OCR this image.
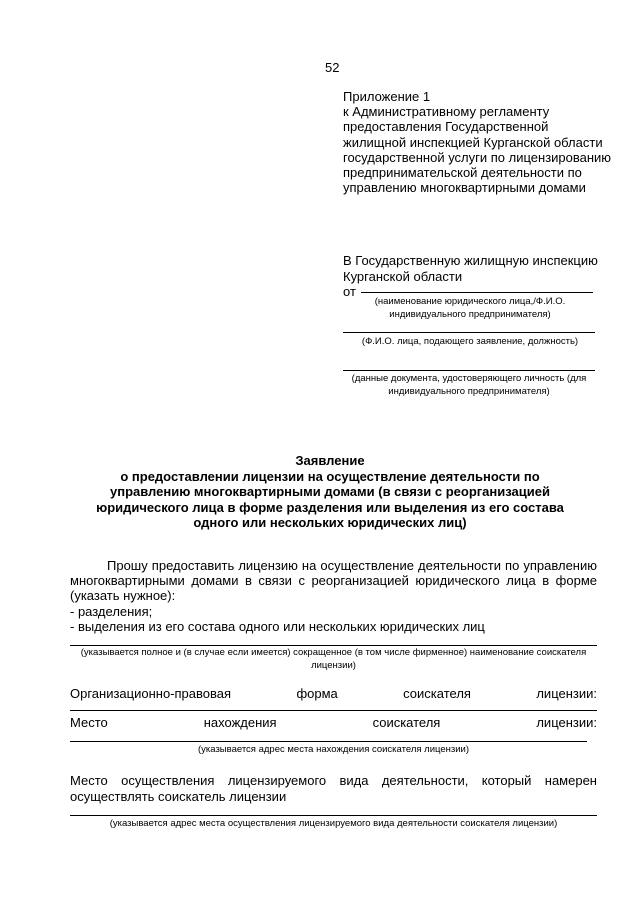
52
Приложение 1
к Административному регламенту предоставления Государственной жилищной инспекцией Курганской области государственной услуги по лицензированию предпринимательской деятельности по управлению многоквартирными домами
В Государственную жилищную инспекцию Курганской области
от
(наименование юридического лица,/Ф.И.О. индивидуального предпринимателя)
(Ф.И.О. лица, подающего заявление, должность)
(данные документа, удостоверяющего личность (для индивидуального предпринимателя)
Заявление
о предоставлении лицензии на осуществление деятельности по управлению многоквартирными домами (в связи с реорганизацией юридического лица в форме разделения или выделения из его состава одного или нескольких юридических лиц)

Прошу предоставить лицензию на осуществление деятельности по управлению многоквартирными домами в связи с реорганизацией юридического лица в форме (указать нужное):

- разделения;
- выделения из его состава одного или нескольких юридических лиц
(указывается полное и (в случае если имеется) сокращенное (в том числе фирменное) наименование соискателя лицензии)
Организационно-правовая	форма	соискателя	лицензии:
Место	нахождения	соискателя	лицензии:
(указывается адрес места нахождения соискателя лицензии)
Место осуществления лицензируемого вида деятельности, который намерен осуществлять соискатель лицензии
(указывается адрес места осуществления лицензируемого вида деятельности соискателя лицензии)
